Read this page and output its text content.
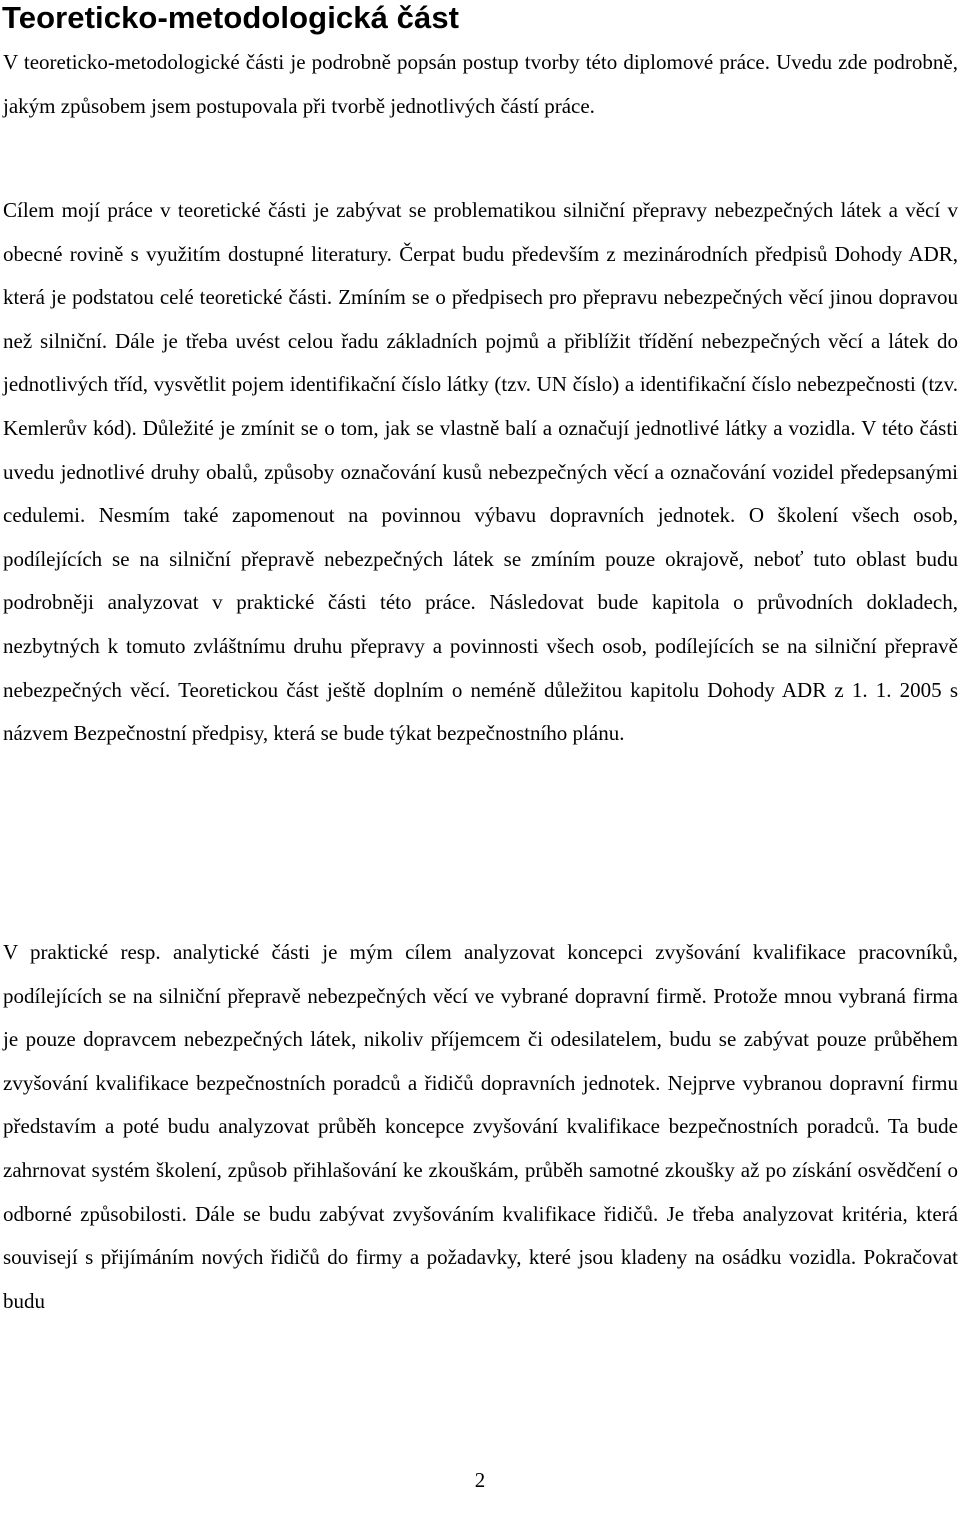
Teoreticko-metodologická část

V teoreticko-metodologické části je podrobně popsán postup tvorby této diplomové práce. Uvedu zde podrobně, jakým způsobem jsem postupovala při tvorbě jednotlivých částí práce.

Cílem mojí práce v teoretické části je zabývat se problematikou silniční přepravy nebezpečných látek a věcí v obecné rovině s využitím dostupné literatury. Čerpat budu především z mezinárodních předpisů Dohody ADR, která je podstatou celé teoretické části. Zmíním se o předpisech pro přepravu nebezpečných věcí jinou dopravou než silniční. Dále je třeba uvést celou řadu základních pojmů a přiblížit třídění nebezpečných věcí a látek do jednotlivých tříd, vysvětlit pojem identifikační číslo látky (tzv. UN číslo) a identifikační číslo nebezpečnosti (tzv. Kemlerův kód). Důležité je zmínit se o tom, jak se vlastně balí a označují jednotlivé látky a vozidla. V této části uvedu jednotlivé druhy obalů, způsoby označování kusů nebezpečných věcí a označování vozidel předepsanými cedulemi. Nesmím také zapomenout na povinnou výbavu dopravních jednotek. O školení všech osob, podílejících se na silniční přepravě nebezpečných látek se zmíním pouze okrajově, neboť tuto oblast budu podrobněji analyzovat v praktické části této práce. Následovat bude kapitola o průvodních dokladech, nezbytných k tomuto zvláštnímu druhu přepravy a povinnosti všech osob, podílejících se na silniční přepravě nebezpečných věcí. Teoretickou část ještě doplním o neméně důležitou kapitolu Dohody ADR z 1. 1. 2005 s názvem Bezpečnostní předpisy, která se bude týkat bezpečnostního plánu.

V praktické resp. analytické části je mým cílem analyzovat koncepci zvyšování kvalifikace pracovníků, podílejících se na silniční přepravě nebezpečných věcí ve vybrané dopravní firmě. Protože mnou vybraná firma je pouze dopravcem nebezpečných látek, nikoliv příjemcem či odesilatelem, budu se zabývat pouze průběhem zvyšování kvalifikace bezpečnostních poradců a řidičů dopravních jednotek. Nejprve vybranou dopravní firmu představím a poté budu analyzovat průběh koncepce zvyšování kvalifikace bezpečnostních poradců. Ta bude zahrnovat systém školení, způsob přihlašování ke zkouškám, průběh samotné zkoušky až po získání osvědčení o odborné způsobilosti. Dále se budu zabývat zvyšováním kvalifikace řidičů. Je třeba analyzovat kritéria, která souvisejí s přijímáním nových řidičů do firmy a požadavky, které jsou kladeny na osádku vozidla. Pokračovat budu

2
